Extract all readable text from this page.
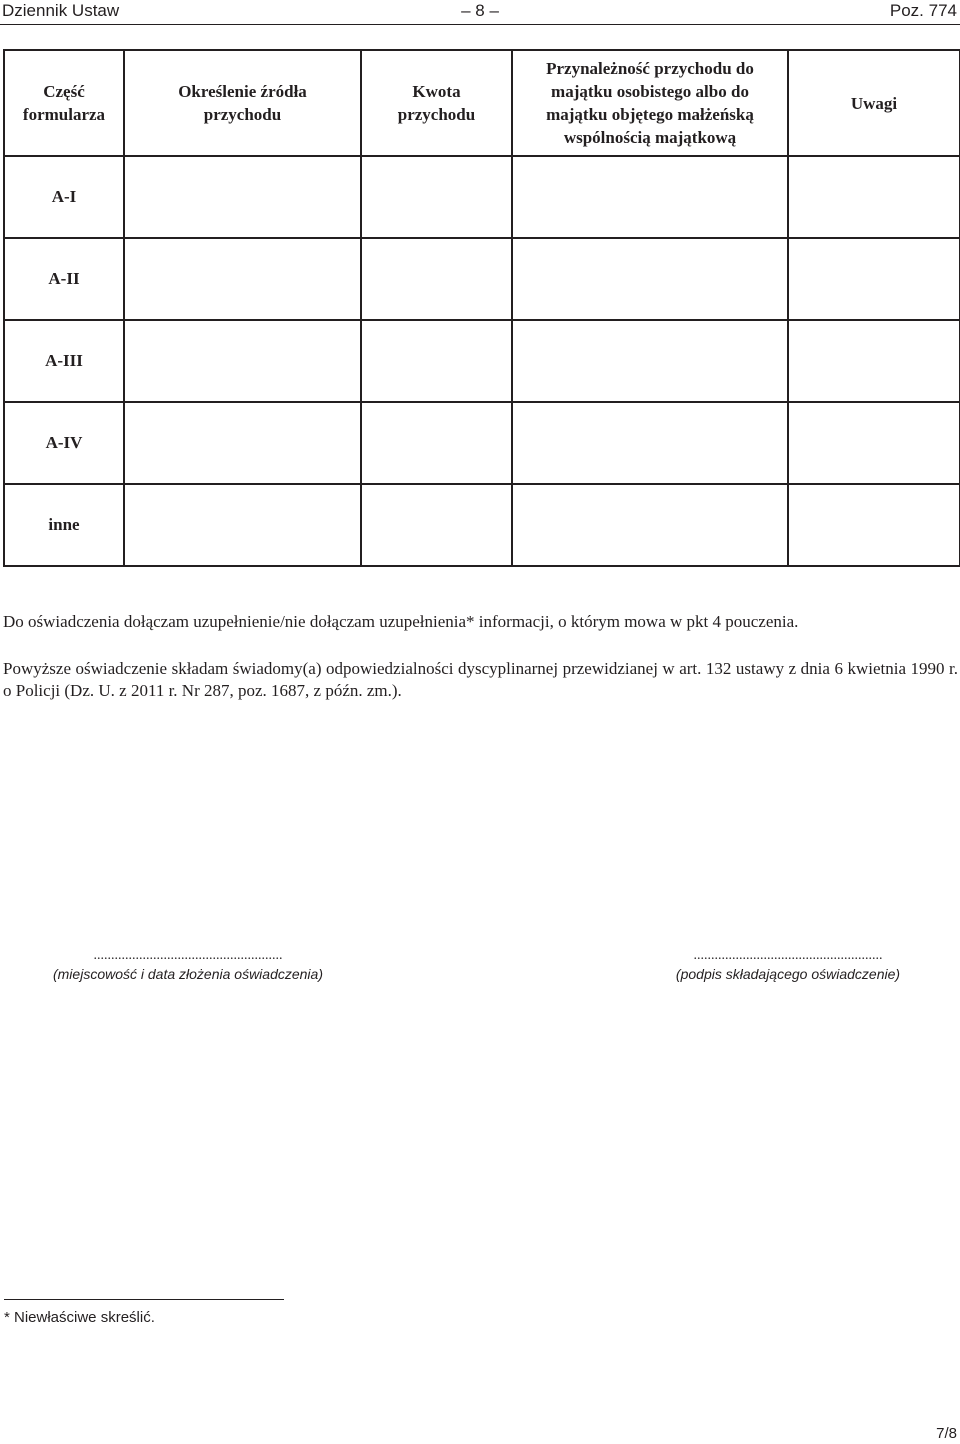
Dziennik Ustaw	– 8 –	Poz. 774
Część formularza	Określenie źródła przychodu	Kwota przychodu	Przynależność przychodu do majątku osobistego albo do majątku objętego małżeńską wspólnością majątkową	Uwagi
A-I				
A-II				
A-III				
A-IV				
inne				
Do oświadczenia dołączam uzupełnienie/nie dołączam uzupełnienia* informacji, o którym mowa w pkt 4 pouczenia.
Powyższe oświadczenie składam świadomy(a) odpowiedzialności dyscyplinarnej przewidzianej w art. 132 ustawy z dnia 6 kwietnia 1990 r. o Policji (Dz. U. z 2011 r. Nr 287, poz. 1687, z późn. zm.).
......................................................
(miejscowość i data złożenia oświadczenia)
......................................................
(podpis składającego oświadczenie)
* Niewłaściwe skreślić.
7/8
